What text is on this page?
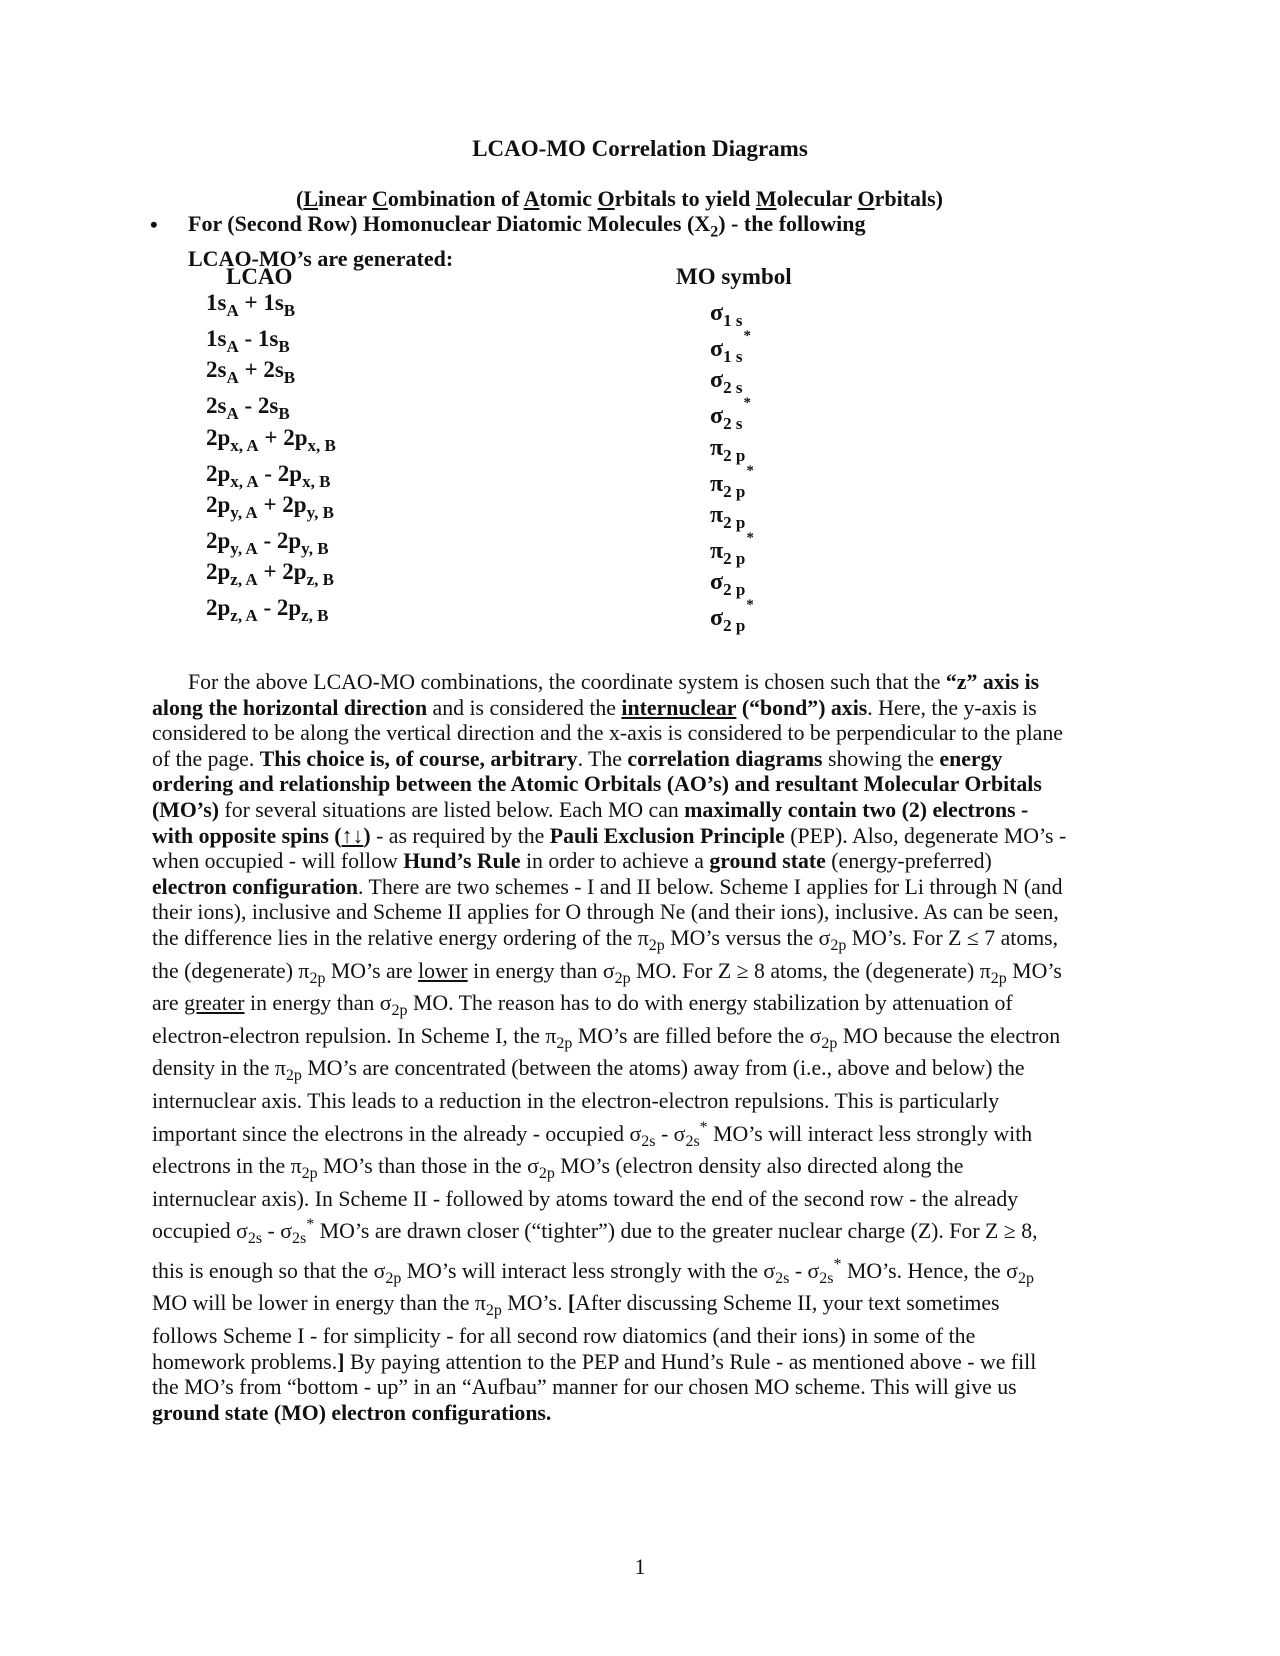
LCAO-MO Correlation Diagrams
(Linear Combination of Atomic Orbitals to yield Molecular Orbitals)
• For (Second Row) Homonuclear Diatomic Molecules $(X_2)$ - the following
LCAO-MO’s are generated:
LCAO	MO symbol
$1s_A + 1s_B$	$\sigma_{1 s}$
$1s_A - 1s_B$	$\sigma_{1 s}^*$
$2s_A + 2s_B$	$\sigma_{2 s}$
$2s_A - 2s_B$	$\sigma_{2 s}^*$
$2p_{x, A} + 2p_{x, B}$	$\pi_{2 p}$
$2p_{x, A} - 2p_{x, B}$	$\pi_{2 p}^*$
$2p_{y, A} + 2p_{y, B}$	$\pi_{2 p}$
$2p_{y, A} - 2p_{y, B}$	$\pi_{2 p}^*$
$2p_{z, A} + 2p_{z, B}$	$\sigma_{2 p}$
$2p_{z, A} - 2p_{z, B}$	$\sigma_{2 p}^*$
For the above LCAO-MO combinations, the coordinate system is chosen such that the “z” axis is along the horizontal direction and is considered the internuclear (“bond”) axis. Here, the y-axis is considered to be along the vertical direction and the x-axis is considered to be perpendicular to the plane of the page. This choice is, of course, arbitrary. The correlation diagrams showing the energy ordering and relationship between the Atomic Orbitals (AO’s) and resultant Molecular Orbitals (MO’s) for several situations are listed below. Each MO can maximally contain two (2) electrons - with opposite spins (↑↓) - as required by the Pauli Exclusion Principle (PEP). Also, degenerate MO’s - when occupied - will follow Hund’s Rule in order to achieve a ground state (energy-preferred) electron configuration. There are two schemes - I and II below. Scheme I applies for Li through N (and their ions), inclusive and Scheme II applies for O through Ne (and their ions), inclusive. As can be seen, the difference lies in the relative energy ordering of the $\pi_{2p}$ MO’s versus the $\sigma_{2p}$ MO’s. For Z ≤ 7 atoms, the (degenerate) $\pi_{2p}$ MO’s are lower in energy than $\sigma_{2p}$ MO. For Z ≥ 8 atoms, the (degenerate) $\pi_{2p}$ MO’s are greater in energy than $\sigma_{2p}$ MO. The reason has to do with energy stabilization by attenuation of electron-electron repulsion. In Scheme I, the $\pi_{2p}$ MO’s are filled before the $\sigma_{2p}$ MO because the electron density in the $\pi_{2p}$ MO’s are concentrated (between the atoms) away from (i.e., above and below) the internuclear axis. This leads to a reduction in the electron-electron repulsions. This is particularly important since the electrons in the already - occupied $\sigma_{2s} - \sigma_{2s}^*$ MO’s will interact less strongly with electrons in the $\pi_{2p}$ MO’s than those in the $\sigma_{2p}$ MO’s (electron density also directed along the internuclear axis). In Scheme II - followed by atoms toward the end of the second row - the already occupied $\sigma_{2s} - \sigma_{2s}^*$ MO’s are drawn closer (“tighter”) due to the greater nuclear charge (Z). For Z ≥ 8, this is enough so that the $\sigma_{2p}$ MO’s will interact less strongly with the $\sigma_{2s} - \sigma_{2s}^*$ MO’s. Hence, the $\sigma_{2p}$ MO will be lower in energy than the $\pi_{2p}$ MO’s. [After discussing Scheme II, your text sometimes follows Scheme I - for simplicity - for all second row diatomics (and their ions) in some of the homework problems.] By paying attention to the PEP and Hund’s Rule - as mentioned above - we fill the MO’s from “bottom - up” in an “Aufbau” manner for our chosen MO scheme. This will give us ground state (MO) electron configurations.
1
